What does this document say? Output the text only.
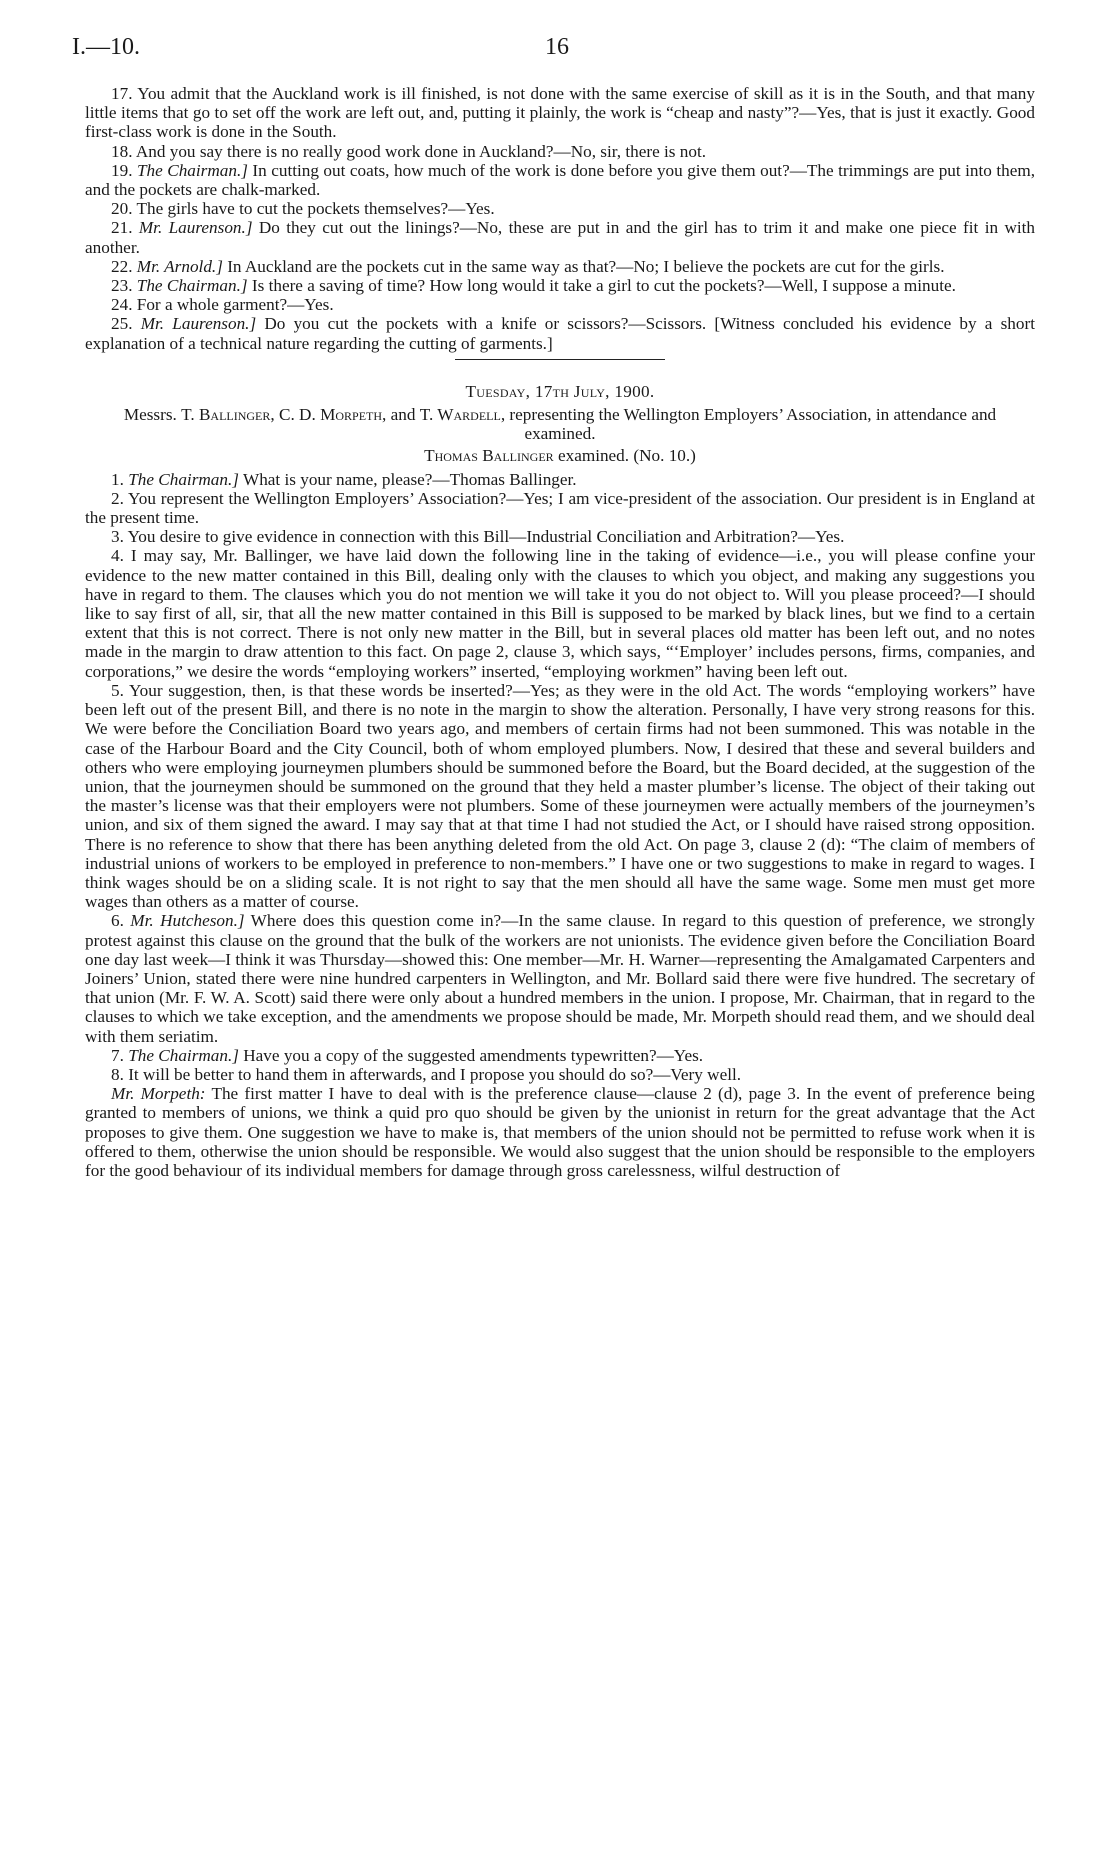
I.—10.	16

17. You admit that the Auckland work is ill finished, is not done with the same exercise of skill as it is in the South, and that many little items that go to set off the work are left out, and, putting it plainly, the work is “cheap and nasty”?—Yes, that is just it exactly. Good first-class work is done in the South.

18. And you say there is no really good work done in Auckland?—No, sir, there is not.

19. The Chairman.] In cutting out coats, how much of the work is done before you give them out?—The trimmings are put into them, and the pockets are chalk-marked.

20. The girls have to cut the pockets themselves?—Yes.

21. Mr. Laurenson.] Do they cut out the linings?—No, these are put in and the girl has to trim it and make one piece fit in with another.

22. Mr. Arnold.] In Auckland are the pockets cut in the same way as that?—No; I believe the pockets are cut for the girls.

23. The Chairman.] Is there a saving of time? How long would it take a girl to cut the pockets?—Well, I suppose a minute.

24. For a whole garment?—Yes.

25. Mr. Laurenson.] Do you cut the pockets with a knife or scissors?—Scissors. [Witness concluded his evidence by a short explanation of a technical nature regarding the cutting of garments.]

Tuesday, 17th July, 1900.

Messrs. T. Ballinger, C. D. Morpeth, and T. Wardell, representing the Wellington Employers’ Association, in attendance and examined.

Thomas Ballinger examined. (No. 10.)

1. The Chairman.] What is your name, please?—Thomas Ballinger.

2. You represent the Wellington Employers’ Association?—Yes; I am vice-president of the association. Our president is in England at the present time.

3. You desire to give evidence in connection with this Bill—Industrial Conciliation and Arbitration?—Yes.

4. I may say, Mr. Ballinger, we have laid down the following line in the taking of evidence—i.e., you will please confine your evidence to the new matter contained in this Bill, dealing only with the clauses to which you object, and making any suggestions you have in regard to them. The clauses which you do not mention we will take it you do not object to. Will you please proceed?—I should like to say first of all, sir, that all the new matter contained in this Bill is supposed to be marked by black lines, but we find to a certain extent that this is not correct. There is not only new matter in the Bill, but in several places old matter has been left out, and no notes made in the margin to draw attention to this fact. On page 2, clause 3, which says, “‘Employer’ includes persons, firms, companies, and corporations,” we desire the words “employing workers” inserted, “employing workmen” having been left out.

5. Your suggestion, then, is that these words be inserted?—Yes; as they were in the old Act. The words “employing workers” have been left out of the present Bill, and there is no note in the margin to show the alteration. Personally, I have very strong reasons for this. We were before the Conciliation Board two years ago, and members of certain firms had not been summoned. This was notable in the case of the Harbour Board and the City Council, both of whom employed plumbers. Now, I desired that these and several builders and others who were employing journeymen plumbers should be summoned before the Board, but the Board decided, at the suggestion of the union, that the journeymen should be summoned on the ground that they held a master plumber’s license. The object of their taking out the master’s license was that their employers were not plumbers. Some of these journeymen were actually members of the journeymen’s union, and six of them signed the award. I may say that at that time I had not studied the Act, or I should have raised strong opposition. There is no reference to show that there has been anything deleted from the old Act. On page 3, clause 2 (d): “The claim of members of industrial unions of workers to be employed in preference to non-members.” I have one or two suggestions to make in regard to wages. I think wages should be on a sliding scale. It is not right to say that the men should all have the same wage. Some men must get more wages than others as a matter of course.

6. Mr. Hutcheson.] Where does this question come in?—In the same clause. In regard to this question of preference, we strongly protest against this clause on the ground that the bulk of the workers are not unionists. The evidence given before the Conciliation Board one day last week—I think it was Thursday—showed this: One member—Mr. H. Warner—representing the Amalgamated Carpenters and Joiners’ Union, stated there were nine hundred carpenters in Wellington, and Mr. Bollard said there were five hundred. The secretary of that union (Mr. F. W. A. Scott) said there were only about a hundred members in the union. I propose, Mr. Chairman, that in regard to the clauses to which we take exception, and the amendments we propose should be made, Mr. Morpeth should read them, and we should deal with them seriatim.

7. The Chairman.] Have you a copy of the suggested amendments typewritten?—Yes.

8. It will be better to hand them in afterwards, and I propose you should do so?—Very well.

Mr. Morpeth: The first matter I have to deal with is the preference clause—clause 2 (d), page 3. In the event of preference being granted to members of unions, we think a quid pro quo should be given by the unionist in return for the great advantage that the Act proposes to give them. One suggestion we have to make is, that members of the union should not be permitted to refuse work when it is offered to them, otherwise the union should be responsible. We would also suggest that the union should be responsible to the employers for the good behaviour of its individual members for damage through gross carelessness, wilful destruction of
